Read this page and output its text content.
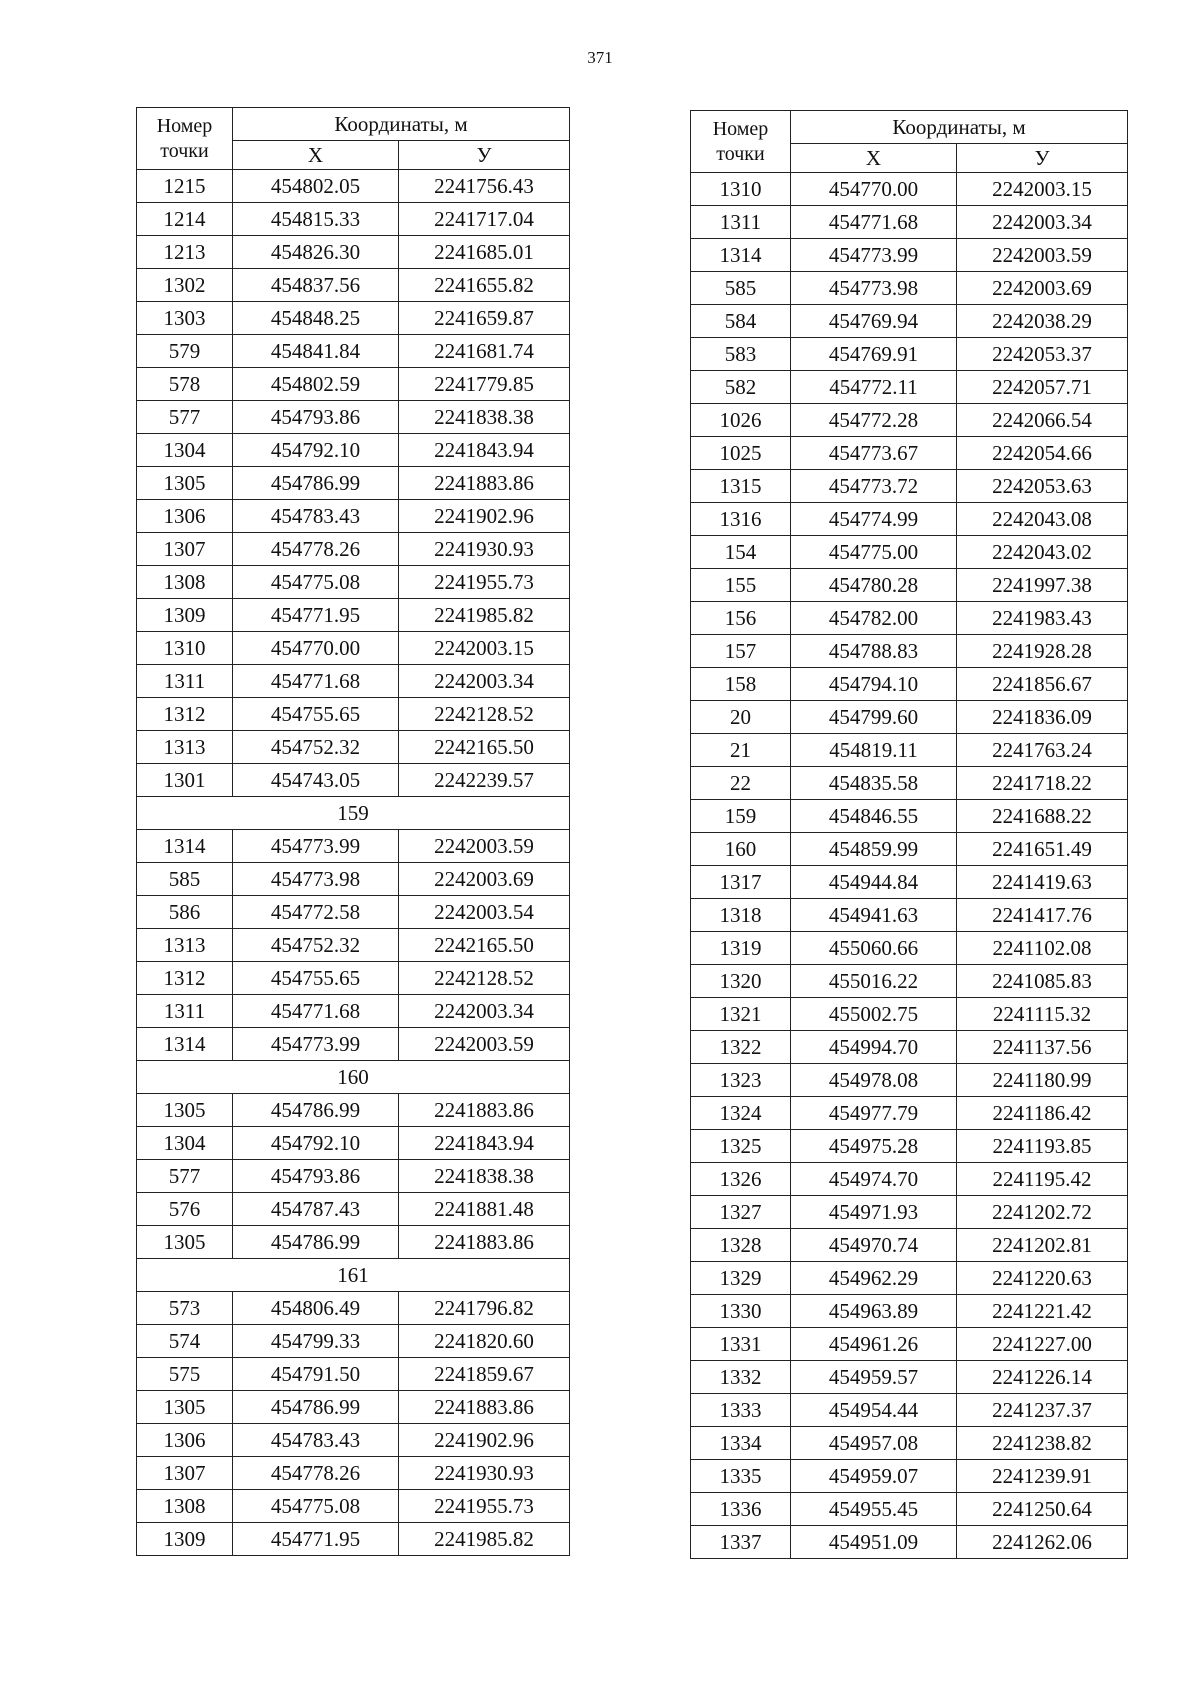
371
Номер
точки	Координаты, м	
	X	У
1215	454802.05	2241756.43
1214	454815.33	2241717.04
1213	454826.30	2241685.01
1302	454837.56	2241655.82
1303	454848.25	2241659.87
579	454841.84	2241681.74
578	454802.59	2241779.85
577	454793.86	2241838.38
1304	454792.10	2241843.94
1305	454786.99	2241883.86
1306	454783.43	2241902.96
1307	454778.26	2241930.93
1308	454775.08	2241955.73
1309	454771.95	2241985.82
1310	454770.00	2242003.15
1311	454771.68	2242003.34
1312	454755.65	2242128.52
1313	454752.32	2242165.50
1301	454743.05	2242239.57
159		
1314	454773.99	2242003.59
585	454773.98	2242003.69
586	454772.58	2242003.54
1313	454752.32	2242165.50
1312	454755.65	2242128.52
1311	454771.68	2242003.34
1314	454773.99	2242003.59
160		
1305	454786.99	2241883.86
1304	454792.10	2241843.94
577	454793.86	2241838.38
576	454787.43	2241881.48
1305	454786.99	2241883.86
161		
573	454806.49	2241796.82
574	454799.33	2241820.60
575	454791.50	2241859.67
1305	454786.99	2241883.86
1306	454783.43	2241902.96
1307	454778.26	2241930.93
1308	454775.08	2241955.73
1309	454771.95	2241985.82
Номер
точки	Координаты, м	
	X	У
1310	454770.00	2242003.15
1311	454771.68	2242003.34
1314	454773.99	2242003.59
585	454773.98	2242003.69
584	454769.94	2242038.29
583	454769.91	2242053.37
582	454772.11	2242057.71
1026	454772.28	2242066.54
1025	454773.67	2242054.66
1315	454773.72	2242053.63
1316	454774.99	2242043.08
154	454775.00	2242043.02
155	454780.28	2241997.38
156	454782.00	2241983.43
157	454788.83	2241928.28
158	454794.10	2241856.67
20	454799.60	2241836.09
21	454819.11	2241763.24
22	454835.58	2241718.22
159	454846.55	2241688.22
160	454859.99	2241651.49
1317	454944.84	2241419.63
1318	454941.63	2241417.76
1319	455060.66	2241102.08
1320	455016.22	2241085.83
1321	455002.75	2241115.32
1322	454994.70	2241137.56
1323	454978.08	2241180.99
1324	454977.79	2241186.42
1325	454975.28	2241193.85
1326	454974.70	2241195.42
1327	454971.93	2241202.72
1328	454970.74	2241202.81
1329	454962.29	2241220.63
1330	454963.89	2241221.42
1331	454961.26	2241227.00
1332	454959.57	2241226.14
1333	454954.44	2241237.37
1334	454957.08	2241238.82
1335	454959.07	2241239.91
1336	454955.45	2241250.64
1337	454951.09	2241262.06
